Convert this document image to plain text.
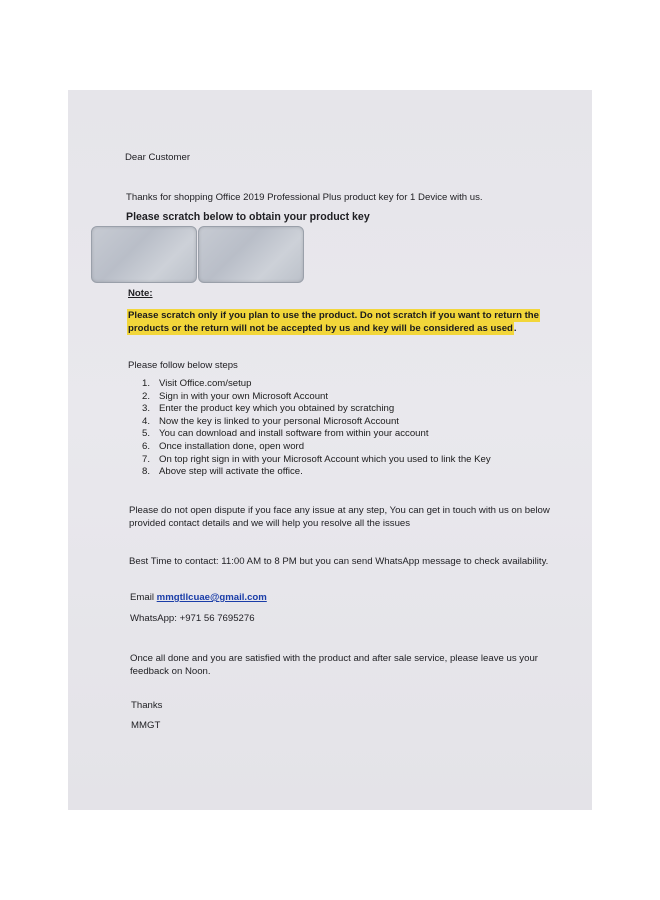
Dear Customer
Thanks for shopping Office 2019 Professional Plus product key for 1 Device with us.
Please scratch below to obtain your product key
Note:
Please scratch only if you plan to use the product. Do not scratch if you want to return the
products or the return will not be accepted by us and key will be considered as used.
Please follow below steps
1. Visit Office.com/setup
2. Sign in with your own Microsoft Account
3. Enter the product key which you obtained by scratching
4. Now the key is linked to your personal Microsoft Account
5. You can download and install software from within your account
6. Once installation done, open word
7. On top right sign in with your Microsoft Account which you used to link the Key
8. Above step will activate the office.
Please do not open dispute if you face any issue at any step, You can get in touch with us on below
provided contact details and we will help you resolve all the issues
Best Time to contact: 11:00 AM to 8 PM but you can send WhatsApp message to check availability.
Email mmgtllcuae@gmail.com
WhatsApp: +971 56 7695276
Once all done and you are satisfied with the product and after sale service, please leave us your
feedback on Noon.
Thanks
MMGT
